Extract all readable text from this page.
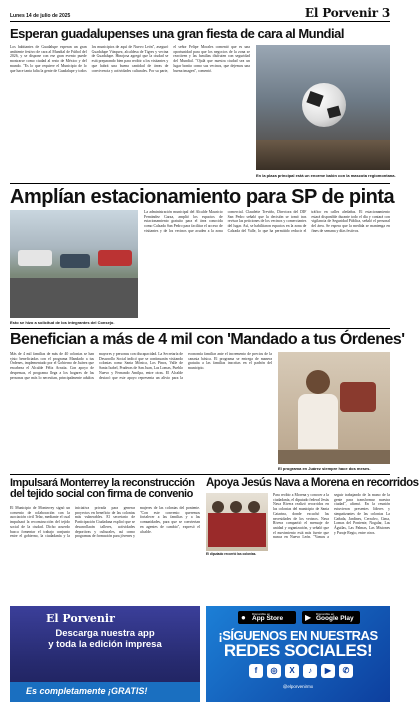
Lunes 14 de julio de 2025	El Porvenir 3
Esperan guadalupenses una gran fiesta de cara al Mundial
Los habitantes de Guadalupe esperan un gran ambiente festivo de cara al Mundial de Fútbol del 2026, y se dispone con ese gran evento puede mostrarse como ciudad al resto de México y del mundo. "Es lo que requiere el Municipio de lo que hace tanta falta la gente de Guadalupe y todos los municipios de aquí de Nuevo León", aseguró Guadalupe Vázquez, alcaldesa de Tigres y vecina de Guadalupe. Hinojosa agregó que la ciudad se está preparando bien para recibir a los visitantes y que habrá una buena cantidad de áreas de convivencia y actividades culturales. Por su parte, el señor Felipe Morales comentó que es una oportunidad para que los negocios de la zona se reactiven y las familias disfruten con seguridad del Mundial. "Ojalá que nuestra ciudad sea un lugar bonito como sus vecinos, que dejemos una buena imagen", comentó.
En la plaza principal está un enorme balón con la mascota regiomontana.
Amplían estacionamiento para SP de pinta
Esto se hizo a solicitud de los integrantes del Consejo.
La administración municipal del Alcalde Mauricio Fernández Garza, amplió los espacios de estacionamiento gratuito para el área conocida como Calzada San Pedro para facilitar el acceso de visitantes y de los vecinos que acuden a la zona comercial. Claudette Treviño, Directora del DIF San Pedro señaló que la decisión se tomó tras revisar las peticiones de los vecinos y comerciantes del lugar. Así, se habilitaron espacios en la zona de Calzada del Valle, lo que ha permitido reducir el tráfico en calles aledañas. El estacionamiento estará disponible durante todo el día y contará con vigilancia de Seguridad Pública, señaló el personal del área. Se espera que la medida se mantenga en fines de semana y días festivos.
Benefician a más de 4 mil con 'Mandado a tus Órdenes'
Más de 4 mil familias de más de 40 colonias se han visto beneficiadas con el programa Mandado a tus Órdenes, implementado por el Gobierno de Juárez que encabeza el Alcalde Félix Arratia. Con apoyo de despensas, el programa llega a los hogares de las personas que más lo necesitan, principalmente adultos mayores y personas con discapacidad. La Secretaría de Desarrollo Social indicó que se continuarán visitando colonias como Santa Mónica, Los Pinos, Valle de Santa Isabel, Praderas de San Juan, Las Lomas, Pueblo Nuevo y Fernando Amilpa, entre otras. El Alcalde destacó que este apoyo representa un alivio para la economía familiar ante el incremento de precios de la canasta básica. El programa se entrega de manera gratuita a las familias inscritas en el padrón del municipio.
El programa en Juárez siempre hace dos meses.
Impulsará Monterrey la reconstrucción del tejido social con firma de convenio
El Municipio de Monterrey signó un convenio de colaboración con la asociación civil Telar, mediante el cual impulsará la reconstrucción del tejido social de la ciudad. Dicho acuerdo busca fomentar el trabajo conjunto entre el gobierno, la ciudadanía y la iniciativa privada para generar proyectos en beneficio de las colonias más vulnerables. El secretario de Participación Ciudadana explicó que se desarrollarán talleres, actividades deportivas y culturales, así como programas de formación para jóvenes y mujeres de las colonias del poniente. "Con este convenio queremos fortalecer a las familias y a las comunidades, para que se conviertan en agentes de cambio", expresó el alcalde.
Apoya Jesús Nava a Morena en recorridos
El diputado recorrió las colonias.
Para recibir a Morena y conocer a la ciudadanía, el diputado federal Jesús Nava Rivera realizó recorridos en las colonias del municipio de Santa Catarina, donde escuchó las necesidades de los vecinos. Nava Rivera compartió el mensaje de unidad y organización, y señaló que el movimiento está más fuerte que nunca en Nuevo León. "Vamos a seguir trabajando de la mano de la gente para transformar nuestra ciudad", afirmó. En la reunión estuvieron presentes líderes y simpatizantes de las colonias La Cañada, Jardines, Cerralvo, Cima, Lomas del Poniente, Nogalar, Las Águilas, Las Palmas, Las Misiones y Paraje Regio, entre otros.
El Porvenir
Descarga nuestra app
y toda la edición impresa
Es completamente ¡GRATIS!
● Disponible en
App Store	▶ Disponible en
Google Play
¡SÍGUENOS EN NUESTRAS
REDES SOCIALES!
f	◎	X	♪	▶	✆
@elporvenirmx
